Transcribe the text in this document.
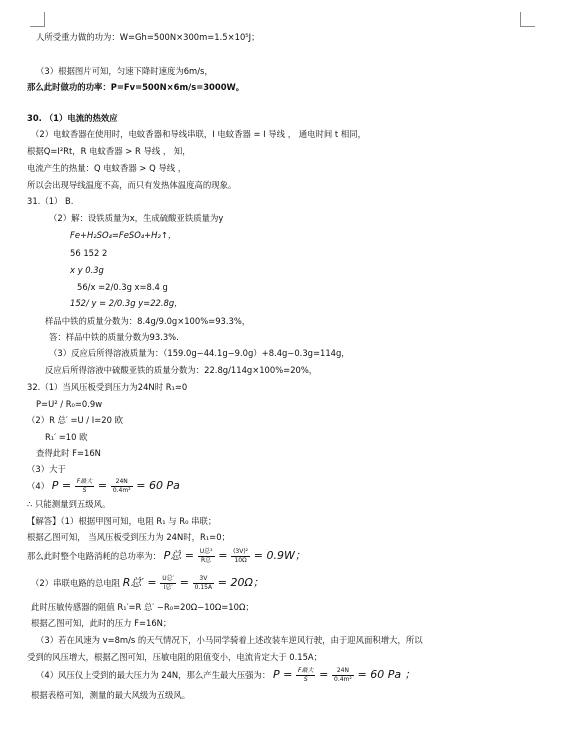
人所受重力做的功为：W=Gh=500N×300m=1.5×10⁵J；
（3）根据图片可知，匀速下降时速度为6m/s，
那么此时做功的功率：P=Fv=500N×6m/s=3000W。
30. （1）电流的热效应
（2）电蚊香器在使用时，电蚊香器和导线串联，I 电蚊香器 = I 导线 ， 通电时间 t 相同，
根据Q=I²Rt，R 电蚊香器 > R 导线 ， 知，
电流产生的热量：Q 电蚊香器 > Q 导线 ，
所以会出现导线温度不高，而只有发热体温度高的现象。
31.（1） B.
（2）解：设铁质量为x，生成硫酸亚铁质量为y
Fe+H₂SO₄=FeSO₄+H₂↑，
56 152 2
x y 0.3g
56/x =2/0.3g x=8.4 g
152/ y = 2/0.3g y=22.8g，
样品中铁的质量分数为：8.4g/9.0g×100%=93.3%，
答：样品中铁的质量分数为93.3%.
（3）反应后所得溶液质量为：（159.0g−44.1g−9.0g）+8.4g−0.3g=114g，
反应后所得溶液中硫酸亚铁的质量分数为：22.8g/114g×100%=20%，
32.（1）当风压板受到压力为24N时 R₁=0
P=U² / R₀=0.9w
（2）R 总′ =U / I=20 欧
R₁′ =10 欧
查得此时 F=16N
（3）大于
（4） $P = \frac{\text{F最大}}{S} = \frac{24N}{\text{0.4m²}} = 60$ Pa
∴ 只能测量到五级风。
【解答】（1）根据甲图可知，电阻 R₁ 与 R₀ 串联；
根据乙图可知， 当风压板受到压力为 24N时，R₁=0；
那么此时整个电路消耗的总功率为： P总 = $\frac{\text{U总²}}{\text{R总}} = \frac{\text{(3V)²}}{10\Omega} = 0.9W$；
（2）串联电路的总电阻 R总′ = $\frac{\text{U总′}}{\text{I总′}} = \frac{3V}{0.15A} = 20\Omega$；
此时压敏传感器的阻值 R₁′=R 总′ −R₀=20Ω−10Ω=10Ω；
根据乙图可知，此时的压力 F=16N；
（3）若在风速为 v=8m/s 的天气情况下，小马同学骑着上述改装车逆风行驶，由于迎风面积增大，所以
受到的风压增大，根据乙图可知，压敏电阻的阻值变小，电流肯定大于 0.15A；
（4）风压仪上受到的最大压力为 24N，那么产生最大压强为： $P = \frac{\text{F最大}}{S} = \frac{24N}{\text{0.4m²}} = 60$ Pa ；
根据表格可知，测量的最大风级为五级风。
